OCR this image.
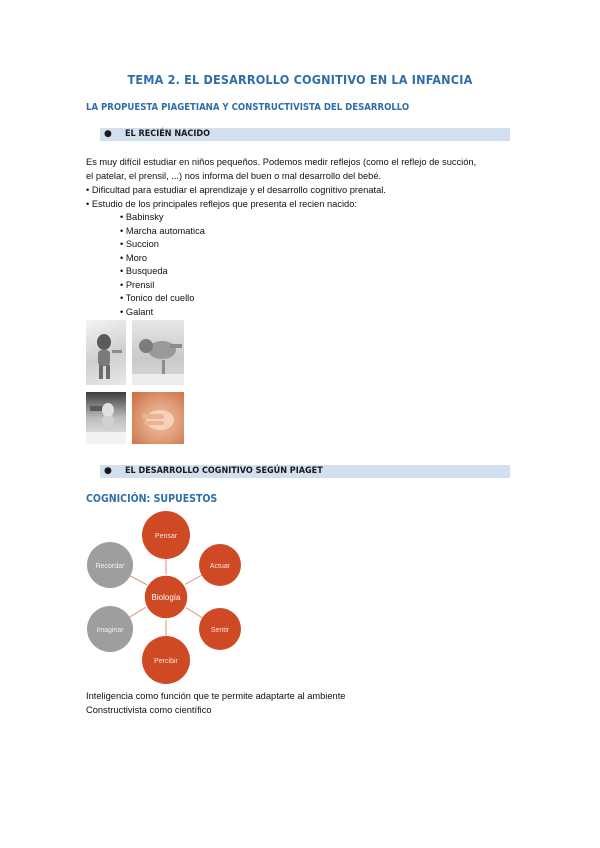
TEMA 2. EL DESARROLLO COGNITIVO EN LA INFANCIA
LA PROPUESTA PIAGETIANA Y CONSTRUCTIVISTA DEL DESARROLLO
● EL RECIÉN NACIDO
Es muy difícil estudiar en niños pequeños. Podemos medir reflejos (como el reflejo de succión,
el patelar, el prensil, ...) nos informa del buen o mal desarrollo del bebé.
• Dificultad para estudiar el aprendizaje y el desarrollo cognitivo prenatal.
• Estudio de los principales reflejos que presenta el recien nacido:
• Babinsky
• Marcha automatica
• Succion
• Moro
• Busqueda
• Prensil
• Tonico del cuello
• Galant
● EL DESARROLLO COGNITIVO SEGÚN PIAGET
COGNICIÓN: SUPUESTOS
Pensar
Actuar
Sentir
Percibir
Imaginar
Recordar
Biología
Inteligencia como función que te permite adaptarte al ambiente
Constructivista como científico
